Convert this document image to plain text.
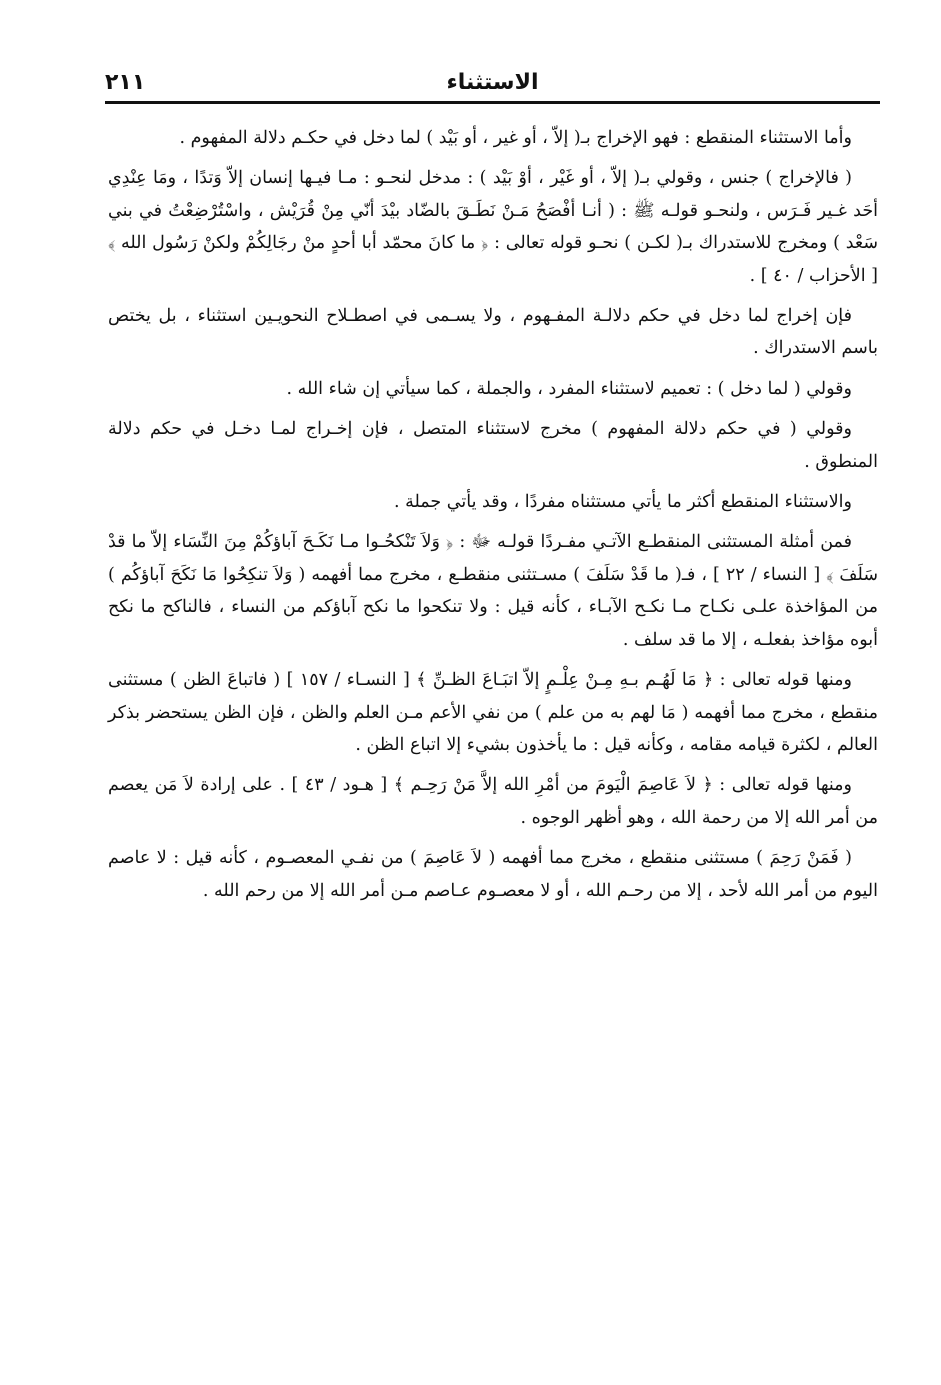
الاستثناء
٢١١

وأما الاستثناء المنقطع : فهو الإخراج بـ( إلاّ ، أو غير ، أو بَيْد ) لما دخل في حكـم دلالة المفهوم .

( فالإخراج ) جنس ، وقولي بـ( إلاّ ، أو غَيْر ، أوْ بَيْد ) : مدخل لنحـو : مـا فيـها إنسان إلاّ وَتدًا ، ومَا عِنْدِي أحَد غـير فَـرَس ، ولنحـو قولـه ﷺ : ( أنـا أفْصَحُ مَـنْ نَطَـقَ بالضّاد بيْدَ أنّي مِنْ قُرَيْش ، واسْتُرْضِعْتُ في بني سَعْد ) ومخرج للاستدراك بـ( لكـن ) نحـو قوله تعالى : ﴿ ما كانَ محمّد أبا أحدٍ منْ رجَالِكُمْ ولكنْ رَسُول الله ﴾ [ الأحزاب / ٤٠ ] .

فإن إخراج لما دخل في حكم دلالـة المفـهوم ، ولا يسـمى في اصطـلاح النحويـين استثناء ، بل يختص باسم الاستدراك .

وقولي ( لما دخل ) : تعميم لاستثناء المفرد ، والجملة ، كما سيأتي إن شاء الله .

وقولي ( في حكم دلالة المفهوم ) مخرج لاستثناء المتصل ، فإن إخـراج لمـا دخـل في حكم دلالة المنطوق .

والاستثناء المنقطع أكثر ما يأتي مستثناه مفردًا ، وقد يأتي جملة .

فمن أمثلة المستثنى المنقطـع الآتـي مفـردًا قولـه ﷻ : ﴿ وَلاَ تَنْكحُـوا مـا نَكَـحَ آباؤكُمْ مِنَ النِّسَاء إلاّ ما قدْ سَلَفَ ﴾ [ النساء / ٢٢ ] ، فـ( ما قَدْ سَلَفَ ) مسـتثنى منقطـع ، مخرج مما أفهمه ( وَلاَ تنكِحُوا مَا نَكَحَ آباؤكُم ) من المؤاخذة علـى نكـاح مـا نكـح الآبـاء ، كأنه قيل : ولا تنكحوا ما نكح آباؤكم من النساء ، فالناكح ما نكح أبوه مؤاخذ بفعلـه ، إلا ما قد سلف .

ومنها قوله تعالى : ﴿ مَا لَهُـم بـهِ مِـنْ عِلْـمٍ إلاّ اتبَـاعَ الظـنِّ ﴾ [ النسـاء / ١٥٧ ] ( فاتباعَ الظن ) مستثنى منقطع ، مخرج مما أفهمه ( مَا لهم به من علم ) من نفي الأعم مـن العلم والظن ، فإن الظن يستحضر بذكر العالم ، لكثرة قيامه مقامه ، وكأنه قيل : ما يأخذون بشيء إلا اتباع الظن .

ومنها قوله تعالى : ﴿ لاَ عَاصِمَ الْيَومَ من أمْرِ الله إلاَّ مَنْ رَحِـم ﴾ [ هـود / ٤٣ ] . على إرادة لاَ مَن يعصم من أمر الله إلا من رحمة الله ، وهو أظهر الوجوه .

( فَمَنْ رَحِمَ ) مستثنى منقطع ، مخرج مما أفهمه ( لاَ عَاصِمَ ) من نفـي المعصـوم ، كأنه قيل : لا عاصم اليوم من أمر الله لأحد ، إلا من رحـم الله ، أو لا معصـوم عـاصم مـن أمر الله إلا من رحم الله .
